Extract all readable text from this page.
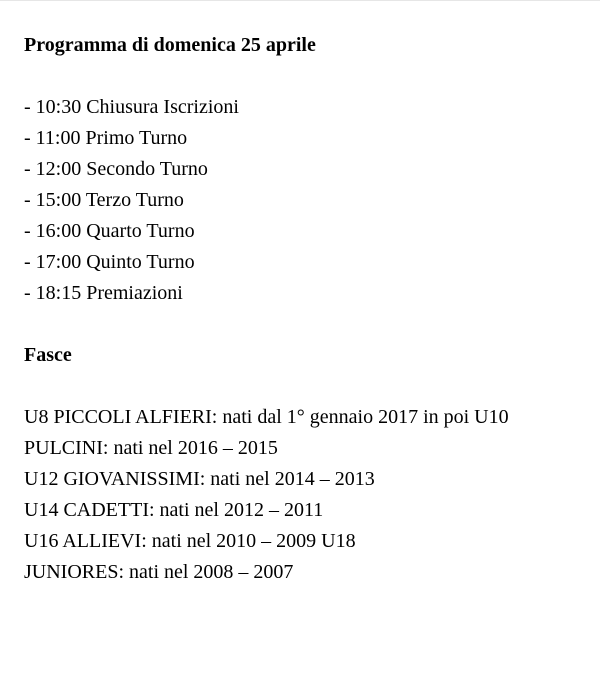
Programma di domenica 25 aprile
- 10:30 Chiusura Iscrizioni
- 11:00 Primo Turno
- 12:00 Secondo Turno
- 15:00 Terzo Turno
- 16:00 Quarto Turno
- 17:00 Quinto Turno
- 18:15 Premiazioni
Fasce
U8 PICCOLI ALFIERI: nati dal 1° gennaio 2017 in poi U10
PULCINI: nati nel 2016 – 2015
U12 GIOVANISSIMI: nati nel 2014 – 2013
U14 CADETTI: nati nel 2012 – 2011
U16 ALLIEVI: nati nel 2010 – 2009 U18
JUNIORES: nati nel 2008 – 2007
